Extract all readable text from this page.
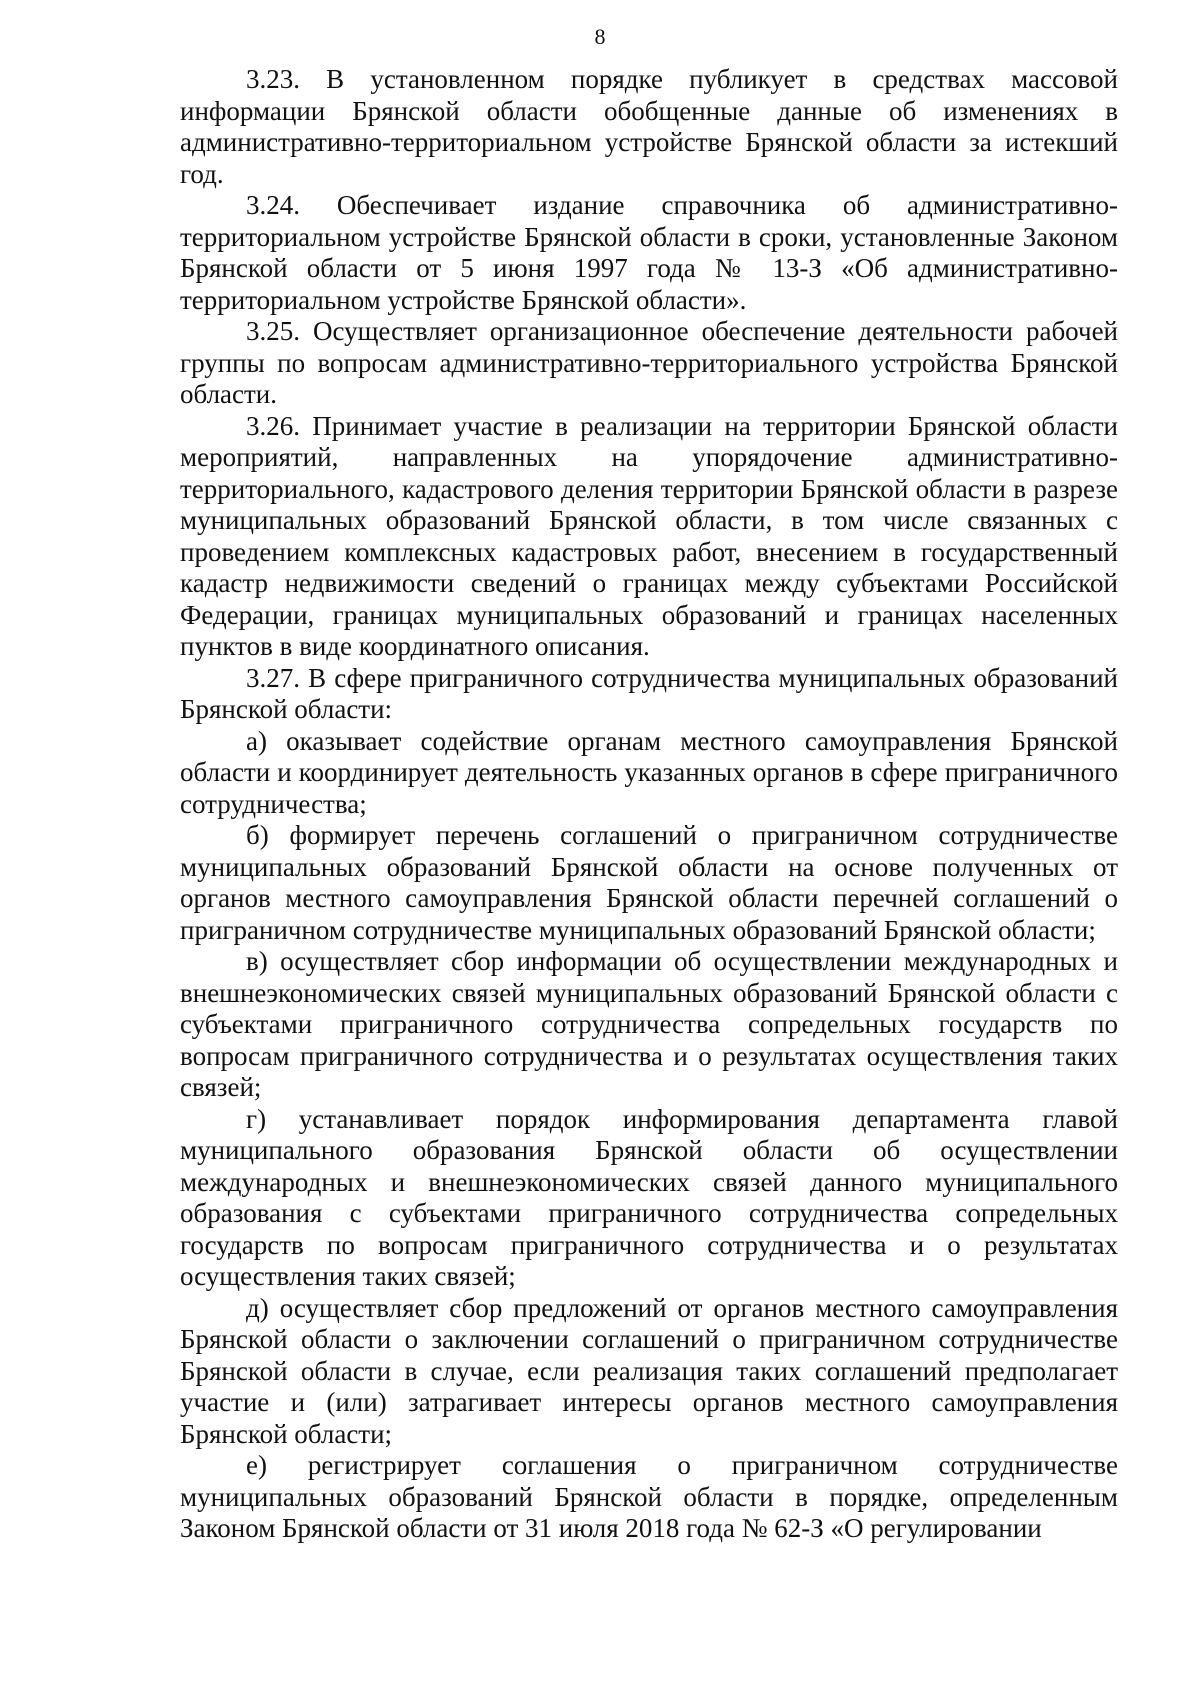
8

3.23. В установленном порядке публикует в средствах массовой информации Брянской области обобщенные данные об изменениях в административно-территориальном устройстве Брянской области за истекший год.

3.24. Обеспечивает издание справочника об административно-территориальном устройстве Брянской области в сроки, установленные Законом Брянской области от 5 июня 1997 года № 13-З «Об административно-территориальном устройстве Брянской области».

3.25. Осуществляет организационное обеспечение деятельности рабочей группы по вопросам административно-территориального устройства Брянской области.

3.26. Принимает участие в реализации на территории Брянской области мероприятий, направленных на упорядочение административно-территориального, кадастрового деления территории Брянской области в разрезе муниципальных образований Брянской области, в том числе связанных с проведением комплексных кадастровых работ, внесением в государственный кадастр недвижимости сведений о границах между субъектами Российской Федерации, границах муниципальных образований и границах населенных пунктов в виде координатного описания.

3.27. В сфере приграничного сотрудничества муниципальных образований Брянской области:

а) оказывает содействие органам местного самоуправления Брянской области и координирует деятельность указанных органов в сфере приграничного сотрудничества;

б) формирует перечень соглашений о приграничном сотрудничестве муниципальных образований Брянской области на основе полученных от органов местного самоуправления Брянской области перечней соглашений о приграничном сотрудничестве муниципальных образований Брянской области;

в) осуществляет сбор информации об осуществлении международных и внешнеэкономических связей муниципальных образований Брянской области с субъектами приграничного сотрудничества сопредельных государств по вопросам приграничного сотрудничества и о результатах осуществления таких связей;

г) устанавливает порядок информирования департамента главой муниципального образования Брянской области об осуществлении международных и внешнеэкономических связей данного муниципального образования с субъектами приграничного сотрудничества сопредельных государств по вопросам приграничного сотрудничества и о результатах осуществления таких связей;

д) осуществляет сбор предложений от органов местного самоуправления Брянской области о заключении соглашений о приграничном сотрудничестве Брянской области в случае, если реализация таких соглашений предполагает участие и (или) затрагивает интересы органов местного самоуправления Брянской области;

е) регистрирует соглашения о приграничном сотрудничестве муниципальных образований Брянской области в порядке, определенным Законом Брянской области от 31 июля 2018 года № 62-З «О регулировании
